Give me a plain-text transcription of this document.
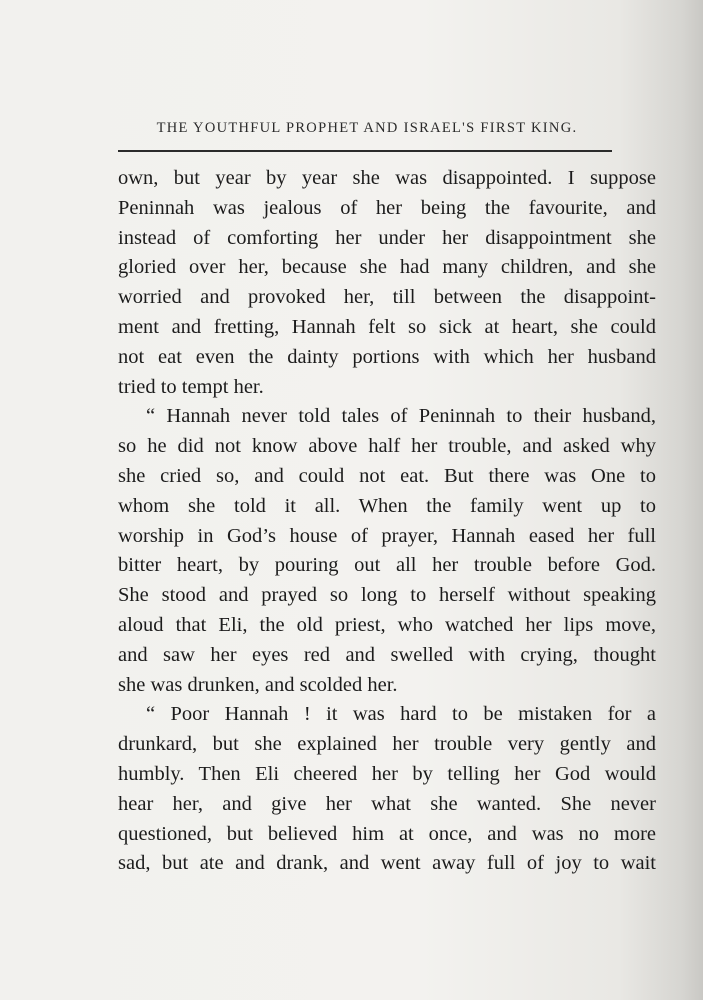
THE YOUTHFUL PROPHET AND ISRAEL'S FIRST KING.
own, but year by year she was disappointed. I suppose
Peninnah was jealous of her being the favourite, and
instead of comforting her under her disappointment she
gloried over her, because she had many children, and she
worried and provoked her, till between the disappoint-
ment and fretting, Hannah felt so sick at heart, she could
not eat even the dainty portions with which her husband
tried to tempt her.
“ Hannah never told tales of Peninnah to their husband,
so he did not know above half her trouble, and asked why
she cried so, and could not eat. But there was One to
whom she told it all. When the family went up to
worship in God’s house of prayer, Hannah eased her full
bitter heart, by pouring out all her trouble before God.
She stood and prayed so long to herself without speaking
aloud that Eli, the old priest, who watched her lips move,
and saw her eyes red and swelled with crying, thought
she was drunken, and scolded her.
“ Poor Hannah ! it was hard to be mistaken for a
drunkard, but she explained her trouble very gently and
humbly. Then Eli cheered her by telling her God would
hear her, and give her what she wanted. She never
questioned, but believed him at once, and was no more
sad, but ate and drank, and went away full of joy to wait
